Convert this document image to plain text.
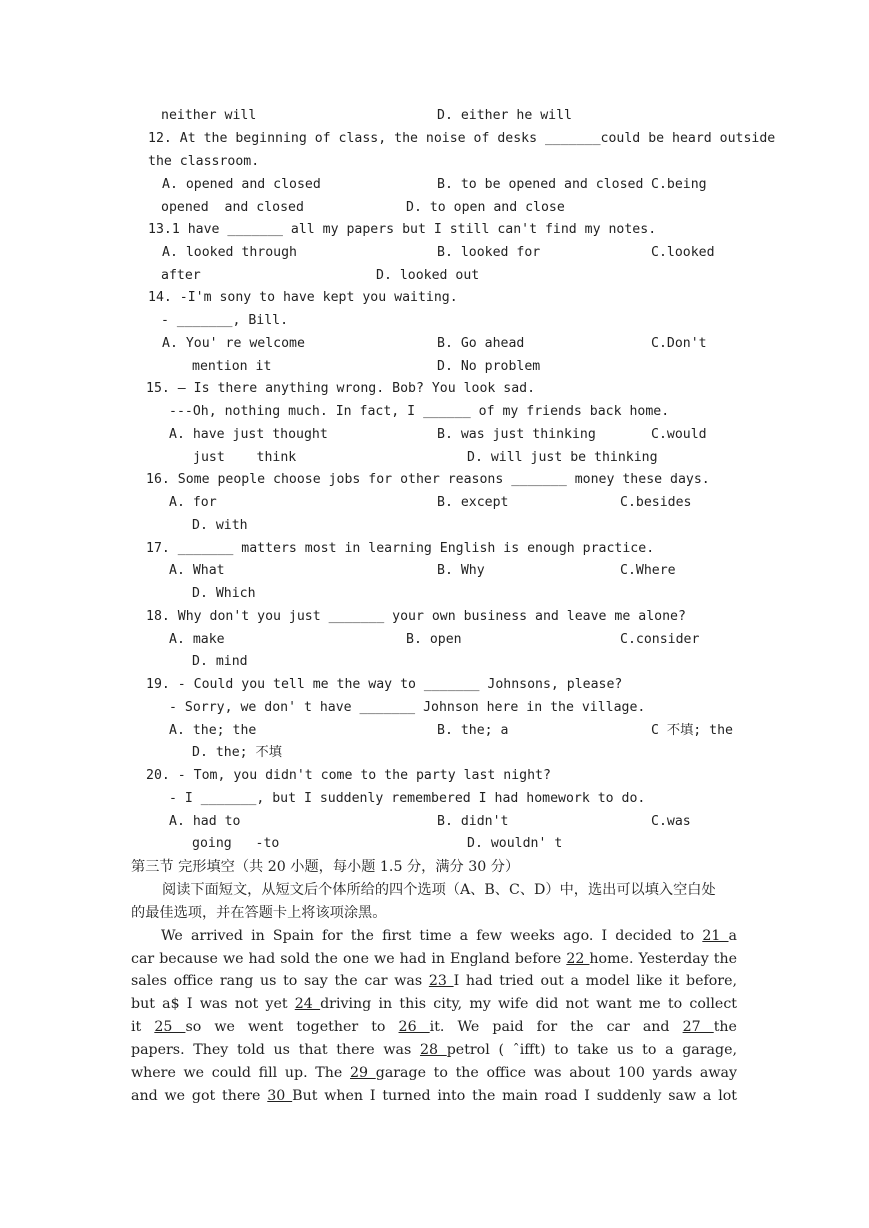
neither will	D. either he will
12. At the beginning of class, the noise of desks _______could be heard outside
the classroom.
A. opened and closed	B. to be opened and closed C.being
opened  and closed	D. to open and close
13.1 have _______ all my papers but I still can't find my notes.
A. looked through	B. looked for	C.looked
after	D. looked out
14. -I'm sony to have kept you waiting.
- _______, Bill.
A. You' re welcome	B. Go ahead	C.Don't
mention it	D. No problem
15. — Is there anything wrong. Bob? You look sad.
---Oh, nothing much. In fact, I ______ of my friends back home.
A. have just thought	B. was just thinking	C.would
just    think	D. will just be thinking
16. Some people choose jobs for other reasons _______ money these days.
A. for	B. except	C.besides
D. with
17. _______ matters most in learning English is enough practice.
A. What	B. Why	C.Where
D. Which
18. Why don't you just _______ your own business and leave me alone?
A. make	B. open	C.consider
D. mind
19. - Could you tell me the way to _______ Johnsons, please?
- Sorry, we don' t have _______ Johnson here in the village.
A. the; the	B. the; a	C 不填; the
D. the; 不填
20. - Tom, you didn't come to the party last night?
- I _______, but I suddenly remembered I had homework to do.
A. had to	B. didn't	C.was
going   -to	D. wouldn' t
第三节 完形填空（共 20 小题，每小题 1.5 分，满分 30 分）
阅读下面短文，从短文后个体所给的四个选项（A、B、C、D）中，选出可以填入空白处
的最佳选项，并在答题卡上将该项涂黑。
We arrived in Spain for the first time a few weeks ago. I decided to 21 a
car because we had sold the one we had in England before 22 home. Yesterday the
sales office rang us to say the car was 23 I had tried out a model like it before,
but a$ I was not yet 24 driving in this city, my wife did not want me to collect
it 25 so we went together to 26 it. We paid for the car and 27 the
papers. They told us that there was 28 petrol ( ˆifft) to take us to a garage,
where we could fill up. The 29 garage to the office was about 100 yards away
and we got there 30 But when I turned into the main road I suddenly saw a lot
